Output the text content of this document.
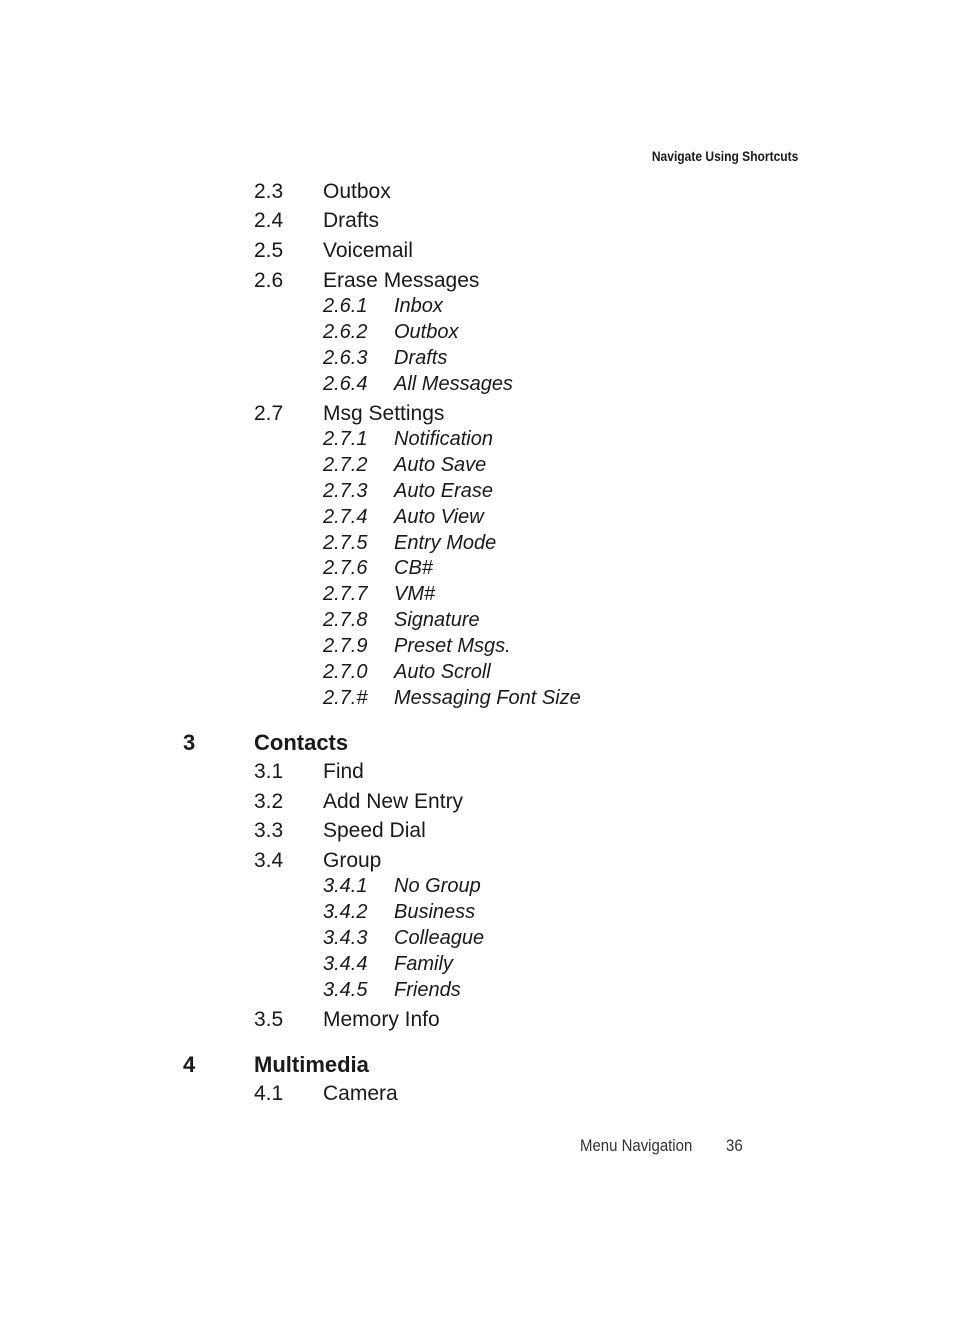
Navigate Using Shortcuts
2.3 Outbox
2.4 Drafts
2.5 Voicemail
2.6 Erase Messages
2.6.1 Inbox
2.6.2 Outbox
2.6.3 Drafts
2.6.4 All Messages
2.7 Msg Settings
2.7.1 Notification
2.7.2 Auto Save
2.7.3 Auto Erase
2.7.4 Auto View
2.7.5 Entry Mode
2.7.6 CB#
2.7.7 VM#
2.7.8 Signature
2.7.9 Preset Msgs.
2.7.0 Auto Scroll
2.7.# Messaging Font Size
3	Contacts
3.1 Find
3.2 Add New Entry
3.3 Speed Dial
3.4 Group
3.4.1 No Group
3.4.2 Business
3.4.3 Colleague
3.4.4 Family
3.4.5 Friends
3.5 Memory Info
4	Multimedia
4.1 Camera
Menu Navigation 36
